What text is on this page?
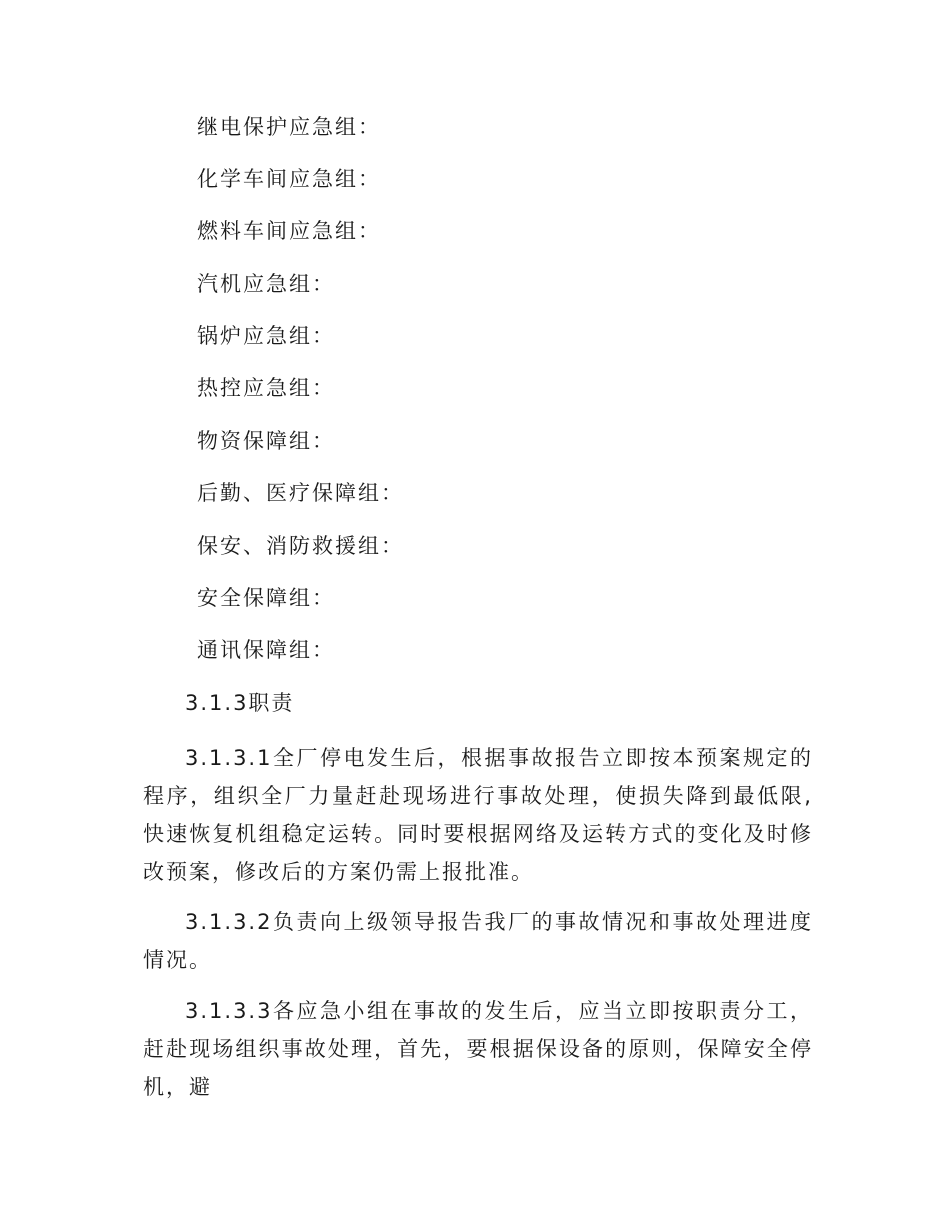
继电保护应急组：
化学车间应急组：
燃料车间应急组：
汽机应急组：
锅炉应急组：
热控应急组：
物资保障组：
后勤、医疗保障组：
保安、消防救援组：
安全保障组：
通讯保障组：
3.1.3职责
3.1.3.1全厂停电发生后，根据事故报告立即按本预案规定的程序，组织全厂力量赶赴现场进行事故处理，使损失降到最低限,快速恢复机组稳定运转。同时要根据网络及运转方式的变化及时修改预案，修改后的方案仍需上报批准。
3.1.3.2负责向上级领导报告我厂的事故情况和事故处理进度情况。
3.1.3.3各应急小组在事故的发生后，应当立即按职责分工，赶赴现场组织事故处理，首先，要根据保设备的原则，保障安全停机，避
